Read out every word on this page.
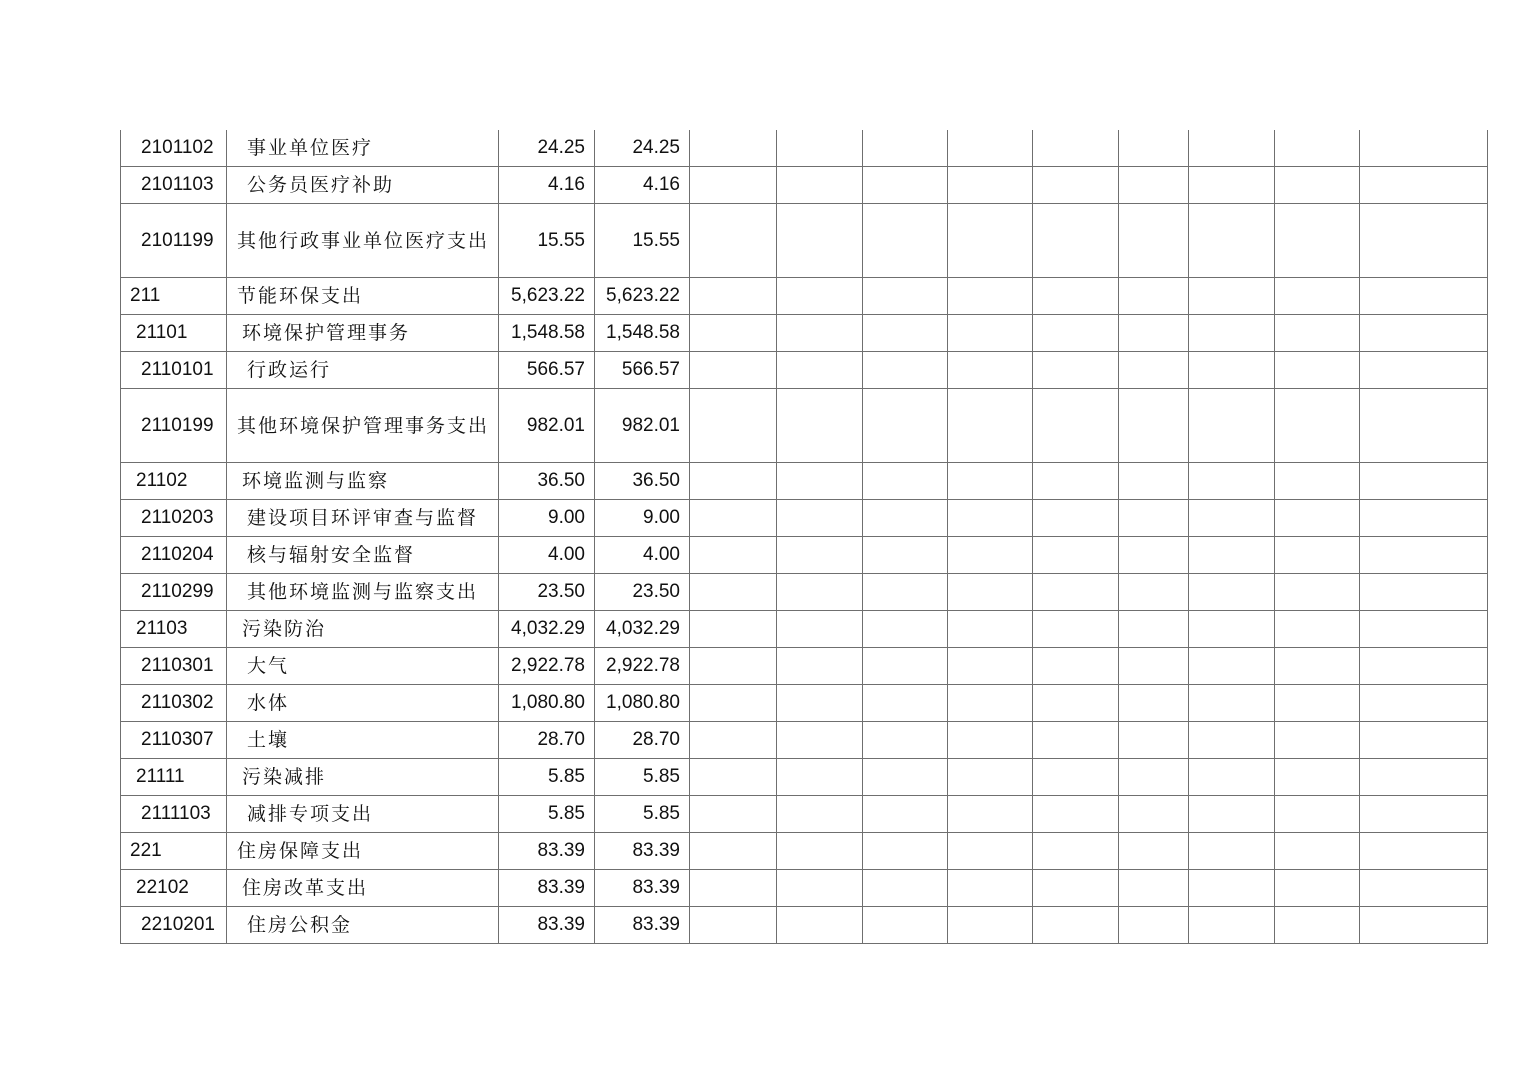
2101102	事业单位医疗	24.25	24.25									
2101103	公务员医疗补助	4.16	4.16									
2101199	其他行政事业单位医疗支出	15.55	15.55									
211	节能环保支出	5,623.22	5,623.22									
21101	环境保护管理事务	1,548.58	1,548.58									
2110101	行政运行	566.57	566.57									
2110199	其他环境保护管理事务支出	982.01	982.01									
21102	环境监测与监察	36.50	36.50									
2110203	建设项目环评审查与监督	9.00	9.00									
2110204	核与辐射安全监督	4.00	4.00									
2110299	其他环境监测与监察支出	23.50	23.50									
21103	污染防治	4,032.29	4,032.29									
2110301	大气	2,922.78	2,922.78									
2110302	水体	1,080.80	1,080.80									
2110307	土壤	28.70	28.70									
21111	污染减排	5.85	5.85									
2111103	减排专项支出	5.85	5.85									
221	住房保障支出	83.39	83.39									
22102	住房改革支出	83.39	83.39									
2210201	住房公积金	83.39	83.39									
